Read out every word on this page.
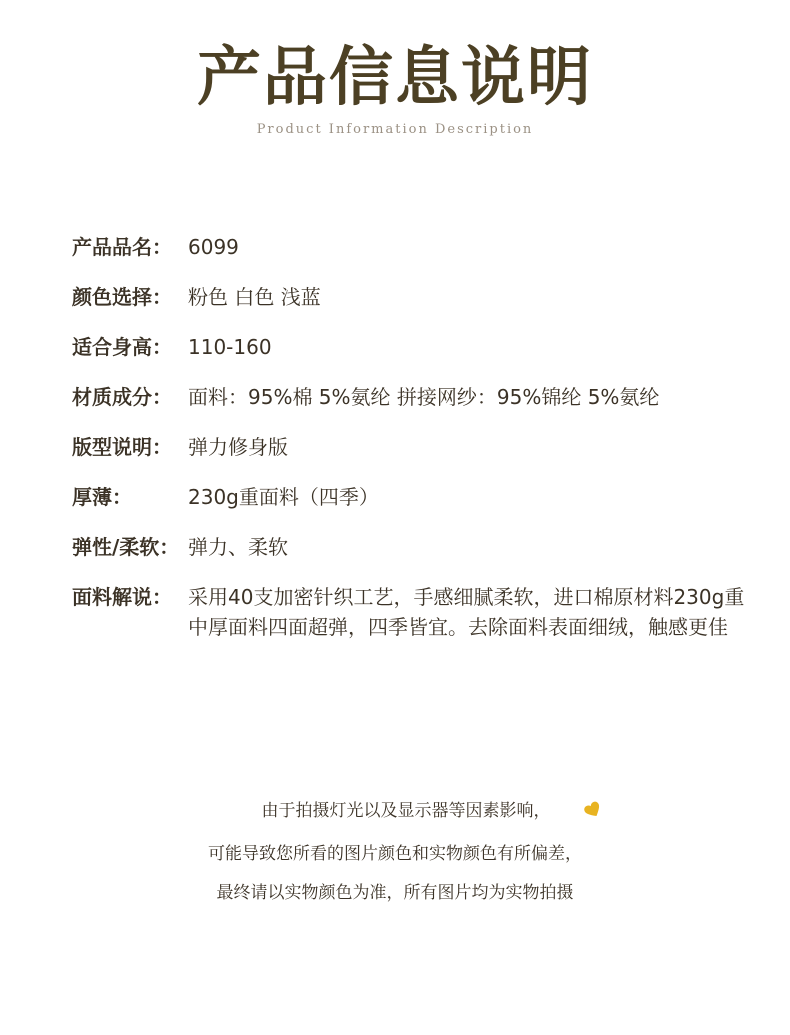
产品信息说明
Product Information Description
产品品名： 6099
颜色选择： 粉色 白色 浅蓝
适合身高： 110-160
材质成分： 面料：95%棉 5%氨纶 拼接网纱：95%锦纶 5%氨纶
版型说明： 弹力修身版
厚薄：	230g重面料（四季）
弹性/柔软： 弹力、柔软
面料解说： 采用40支加密针织工艺，手感细腻柔软，进口棉原材料230g重中厚面料四面超弹，四季皆宜。去除面料表面细绒，触感更佳
由于拍摄灯光以及显示器等因素影响，
可能导致您所看的图片颜色和实物颜色有所偏差，
最终请以实物颜色为准，所有图片均为实物拍摄
